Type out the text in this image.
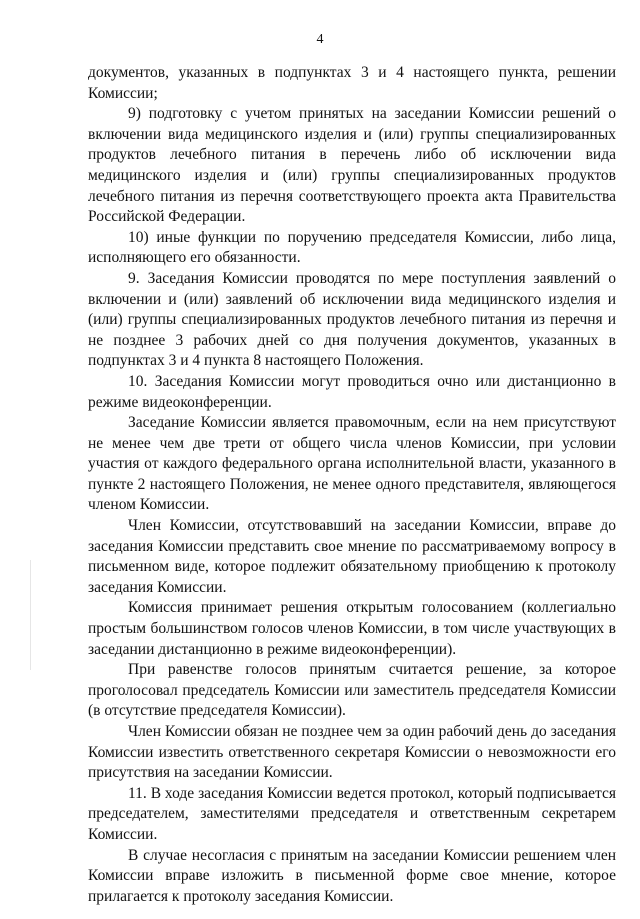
4

документов, указанных в подпунктах 3 и 4 настоящего пункта, решении Комиссии;

9) подготовку с учетом принятых на заседании Комиссии решений о включении вида медицинского изделия и (или) группы специализированных продуктов лечебного питания в перечень либо об исключении вида медицинского изделия и (или) группы специализированных продуктов лечебного питания из перечня соответствующего проекта акта Правительства Российской Федерации.

10) иные функции по поручению председателя Комиссии, либо лица, исполняющего его обязанности.

9. Заседания Комиссии проводятся по мере поступления заявлений о включении и (или) заявлений об исключении вида медицинского изделия и (или) группы специализированных продуктов лечебного питания из перечня и не позднее 3 рабочих дней со дня получения документов, указанных в подпунктах 3 и 4 пункта 8 настоящего Положения.

10. Заседания Комиссии могут проводиться очно или дистанционно в режиме видеоконференции.

Заседание Комиссии является правомочным, если на нем присутствуют не менее чем две трети от общего числа членов Комиссии, при условии участия от каждого федерального органа исполнительной власти, указанного в пункте 2 настоящего Положения, не менее одного представителя, являющегося членом Комиссии.

Член Комиссии, отсутствовавший на заседании Комиссии, вправе до заседания Комиссии представить свое мнение по рассматриваемому вопросу в письменном виде, которое подлежит обязательному приобщению к протоколу заседания Комиссии.

Комиссия принимает решения открытым голосованием (коллегиально простым большинством голосов членов Комиссии, в том числе участвующих в заседании дистанционно в режиме видеоконференции).

При равенстве голосов принятым считается решение, за которое проголосовал председатель Комиссии или заместитель председателя Комиссии (в отсутствие председателя Комиссии).

Член Комиссии обязан не позднее чем за один рабочий день до заседания Комиссии известить ответственного секретаря Комиссии о невозможности его присутствия на заседании Комиссии.

11. В ходе заседания Комиссии ведется протокол, который подписывается председателем, заместителями председателя и ответственным секретарем Комиссии.

В случае несогласия с принятым на заседании Комиссии решением член Комиссии вправе изложить в письменной форме свое мнение, которое прилагается к протоколу заседания Комиссии.
